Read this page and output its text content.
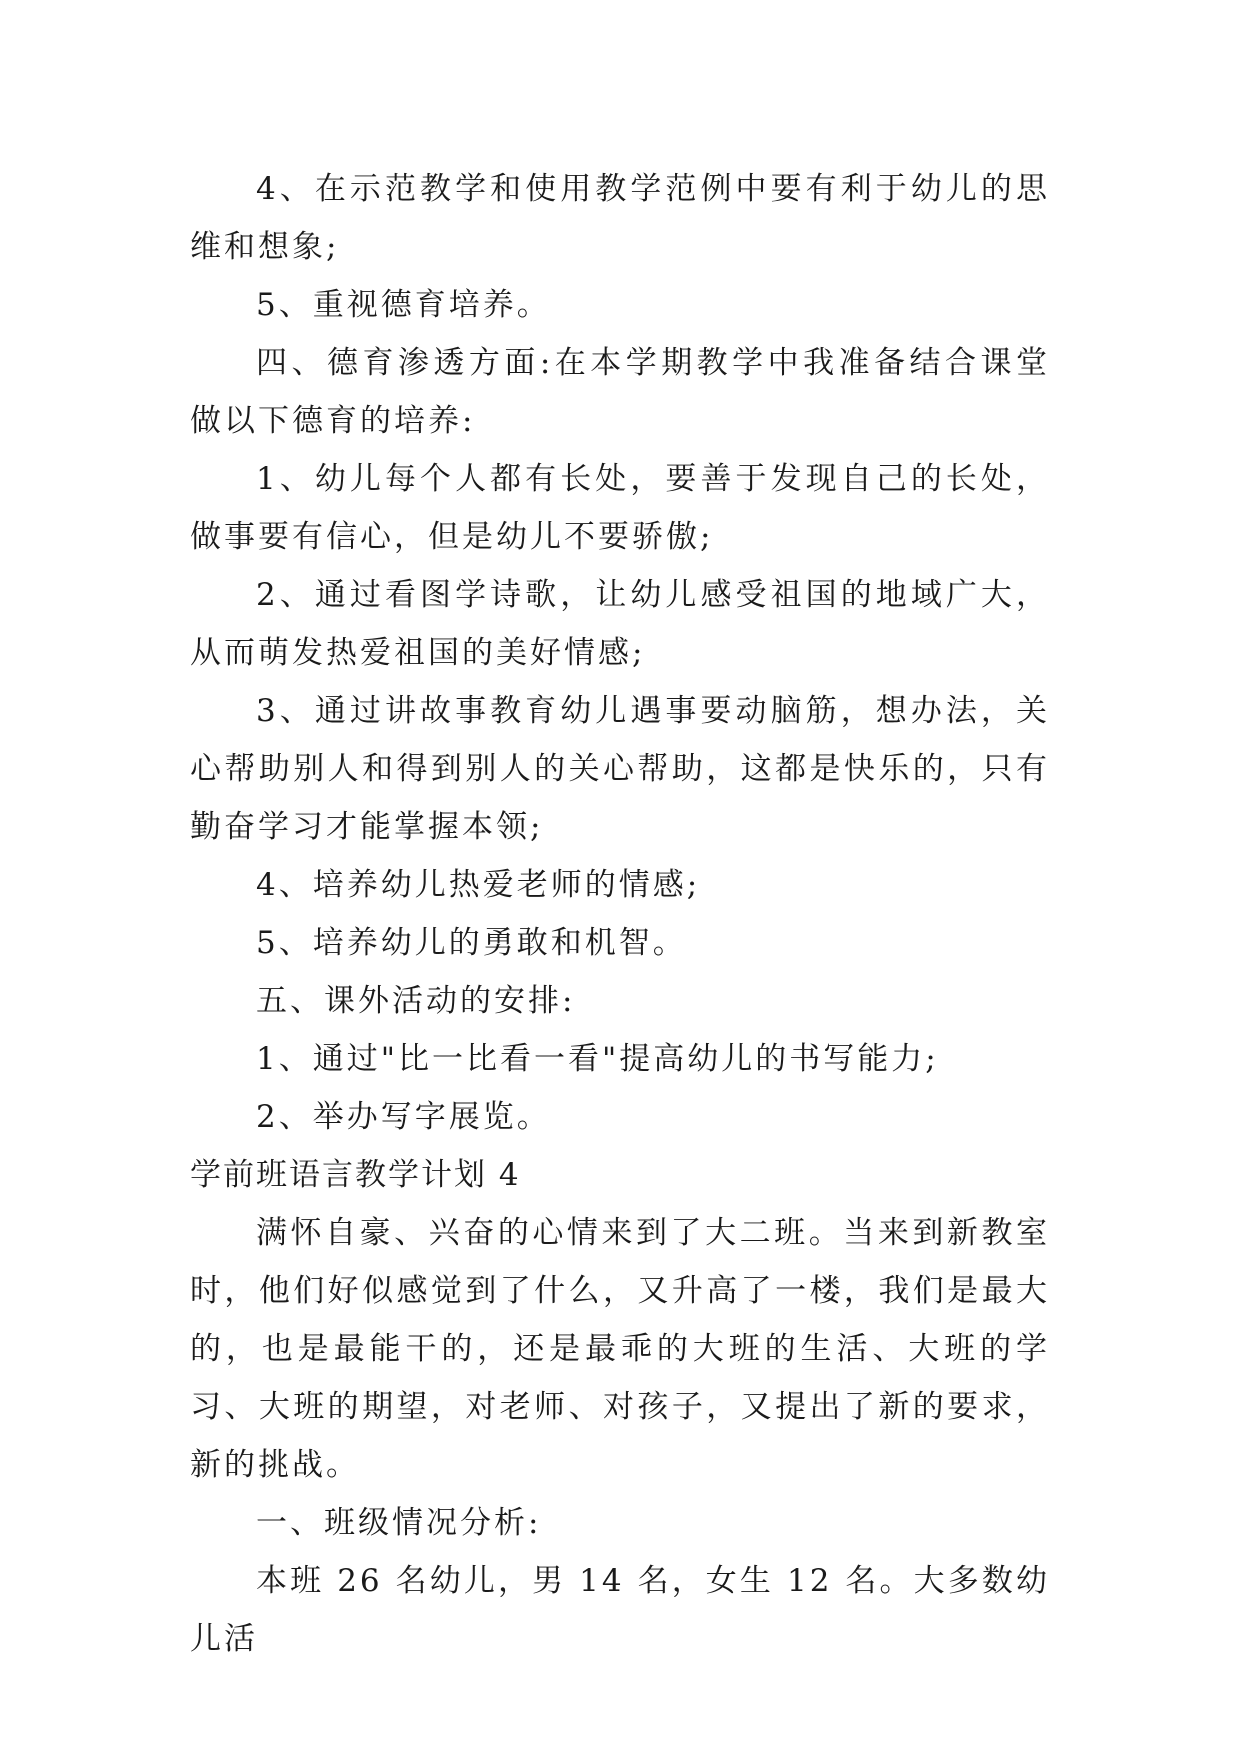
4、在示范教学和使用教学范例中要有利于幼儿的思维和想象;

5、重视德育培养。

四、德育渗透方面:在本学期教学中我准备结合课堂做以下德育的培养:

1、幼儿每个人都有长处，要善于发现自己的长处，做事要有信心，但是幼儿不要骄傲;

2、通过看图学诗歌，让幼儿感受祖国的地域广大，从而萌发热爱祖国的美好情感;

3、通过讲故事教育幼儿遇事要动脑筋，想办法，关心帮助别人和得到别人的关心帮助，这都是快乐的，只有勤奋学习才能掌握本领;

4、培养幼儿热爱老师的情感;

5、培养幼儿的勇敢和机智。

五、课外活动的安排:

1、通过"比一比看一看"提高幼儿的书写能力;

2、举办写字展览。

学前班语言教学计划 4

满怀自豪、兴奋的心情来到了大二班。当来到新教室时，他们好似感觉到了什么，又升高了一楼，我们是最大的，也是最能干的，还是最乖的大班的生活、大班的学习、大班的期望，对老师、对孩子，又提出了新的要求，新的挑战。

一、班级情况分析:

本班 26 名幼儿，男 14 名，女生 12 名。大多数幼儿活
